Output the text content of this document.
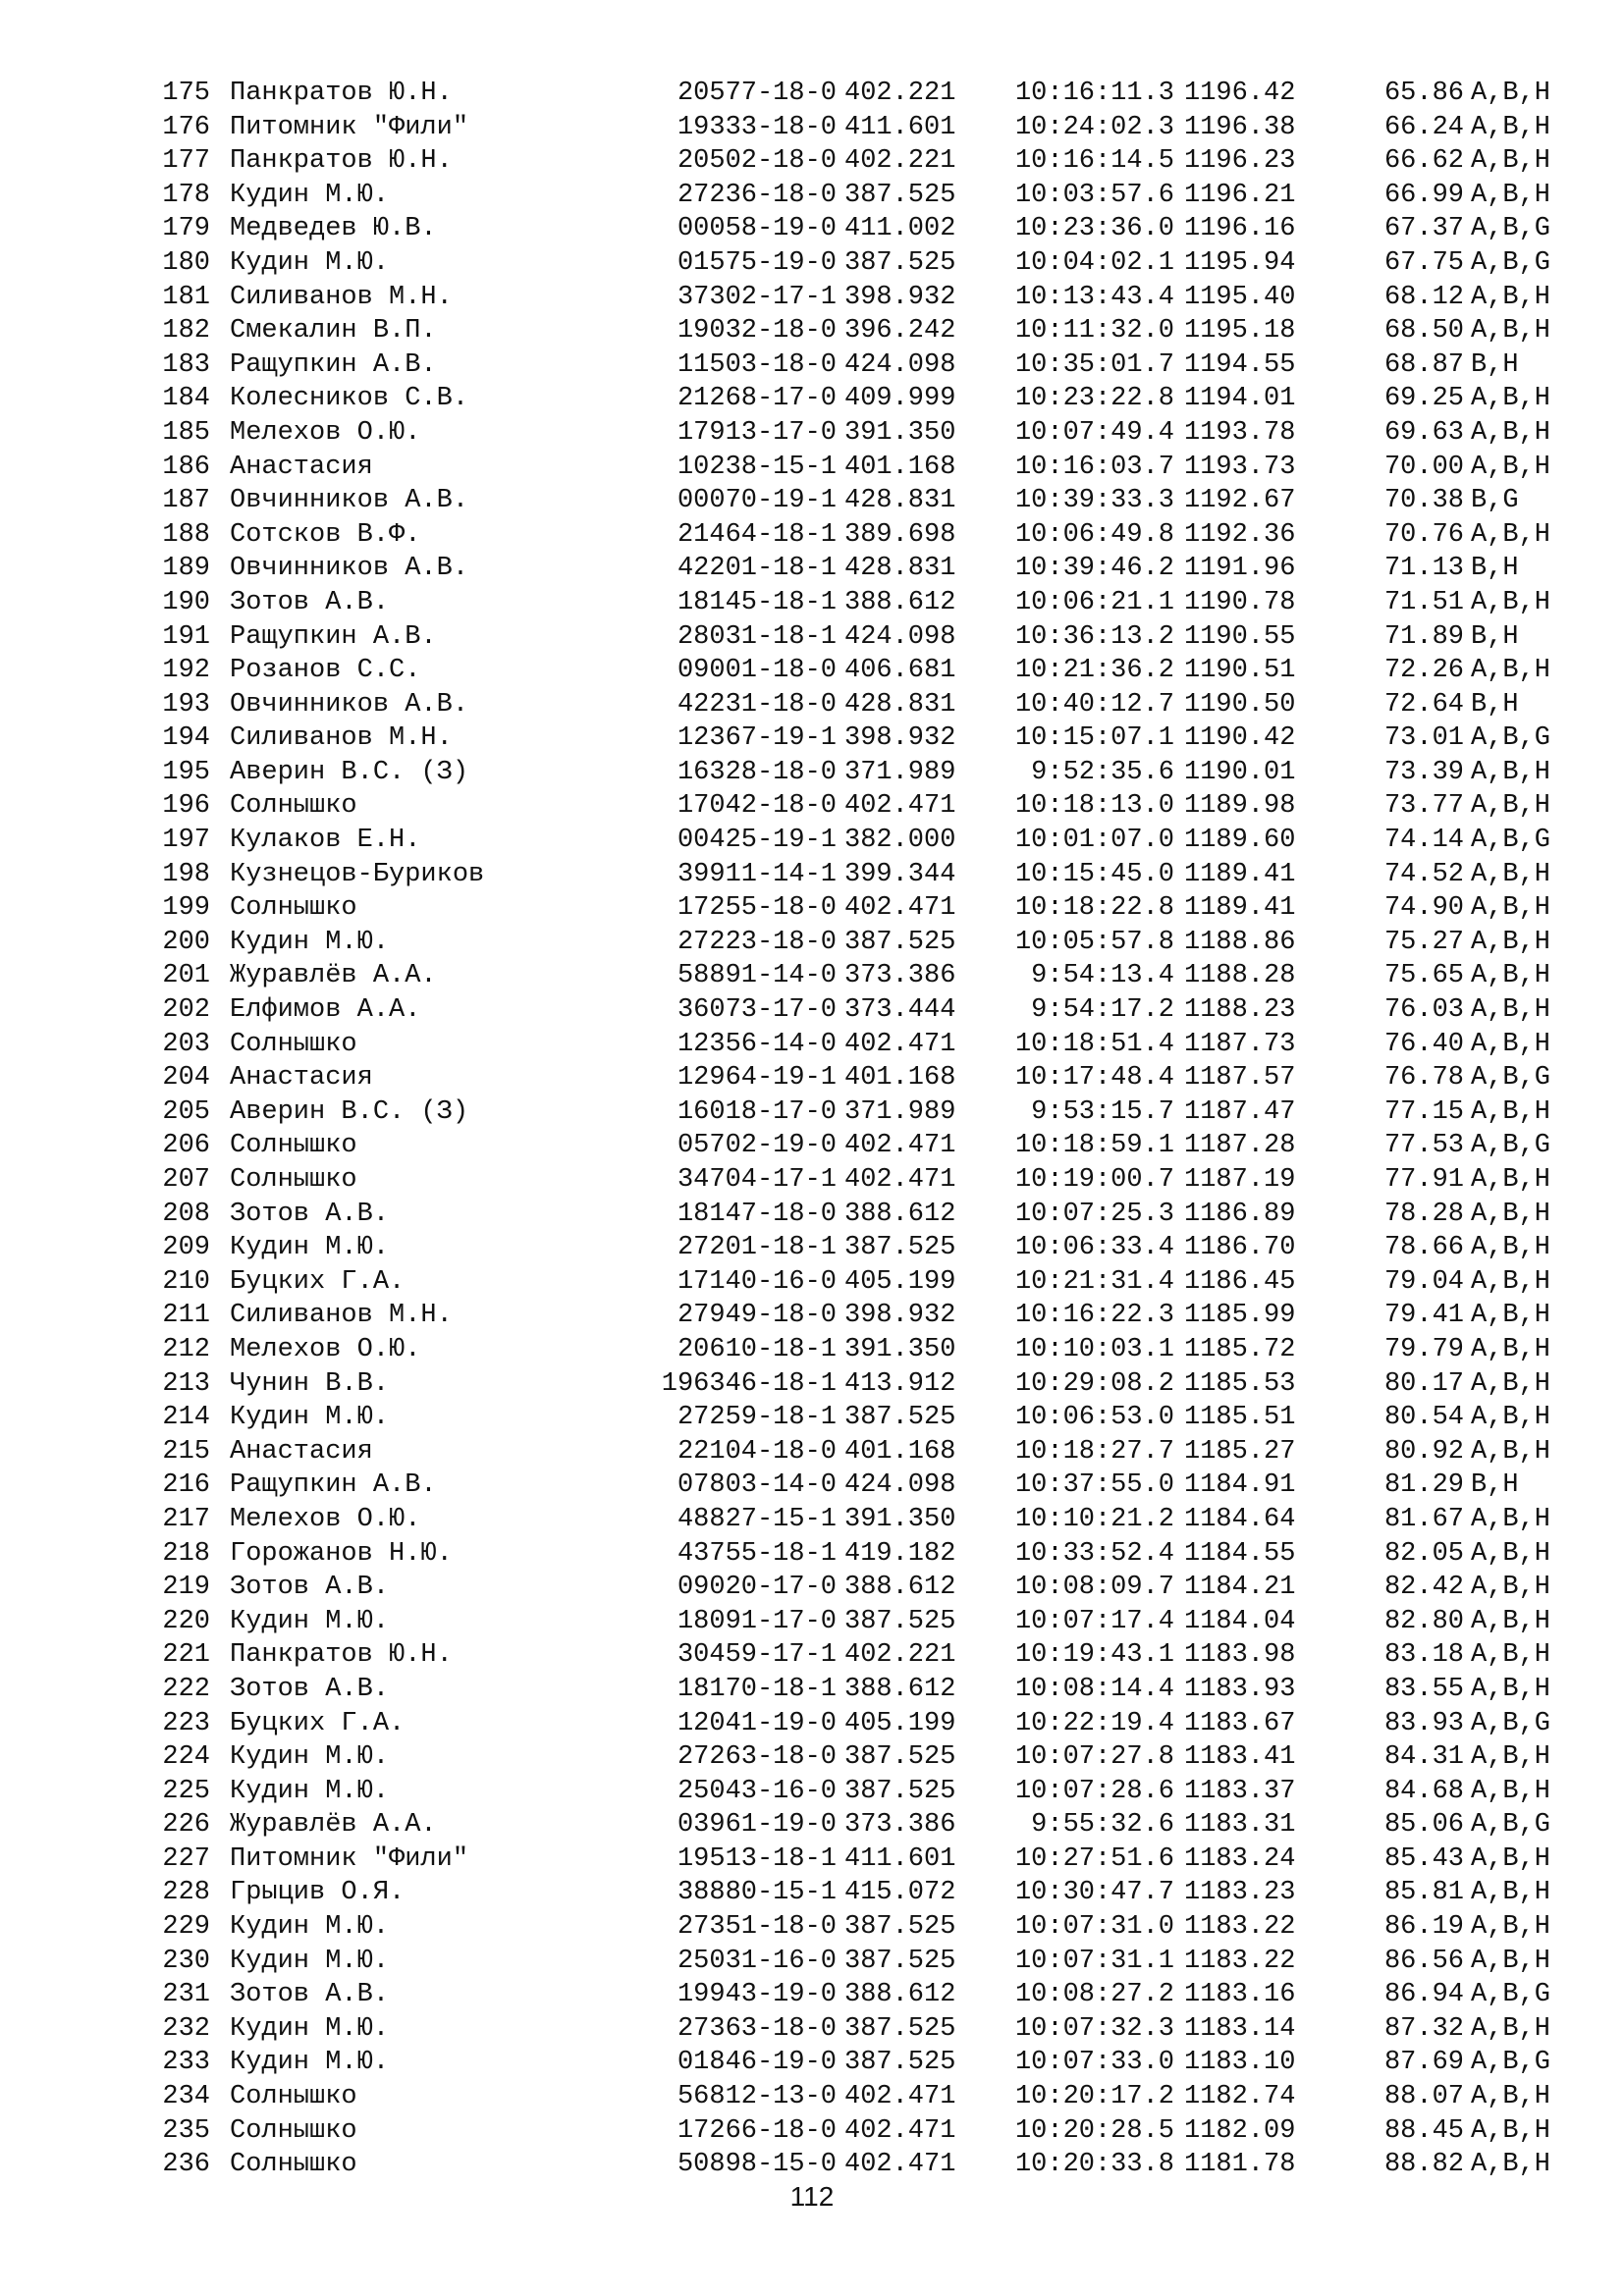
175 Панкратов Ю.Н.	20577-18-0 402.221	10:16:11.3 1196.42	65.86 A,B,H
176 Питомник "Фили"	19333-18-0 411.601	10:24:02.3 1196.38	66.24 A,B,H
177 Панкратов Ю.Н.	20502-18-0 402.221	10:16:14.5 1196.23	66.62 A,B,H
178 Кудин М.Ю.	27236-18-0 387.525	10:03:57.6 1196.21	66.99 A,B,H
179 Медведев Ю.В.	00058-19-0 411.002	10:23:36.0 1196.16	67.37 A,B,G
180 Кудин М.Ю.	01575-19-0 387.525	10:04:02.1 1195.94	67.75 A,B,G
181 Силиванов М.Н.	37302-17-1 398.932	10:13:43.4 1195.40	68.12 A,B,H
182 Смекалин В.П.	19032-18-0 396.242	10:11:32.0 1195.18	68.50 A,B,H
183 Ращупкин А.В.	11503-18-0 424.098	10:35:01.7 1194.55	68.87 B,H
184 Колесников С.В.	21268-17-0 409.999	10:23:22.8 1194.01	69.25 A,B,H
185 Мелехов О.Ю.	17913-17-0 391.350	10:07:49.4 1193.78	69.63 A,B,H
186 Анастасия	10238-15-1 401.168	10:16:03.7 1193.73	70.00 A,B,H
187 Овчинников А.В.	00070-19-1 428.831	10:39:33.3 1192.67	70.38 B,G
188 Сотсков В.Ф.	21464-18-1 389.698	10:06:49.8 1192.36	70.76 A,B,H
189 Овчинников А.В.	42201-18-1 428.831	10:39:46.2 1191.96	71.13 B,H
190 Зотов А.В.	18145-18-1 388.612	10:06:21.1 1190.78	71.51 A,B,H
191 Ращупкин А.В.	28031-18-1 424.098	10:36:13.2 1190.55	71.89 B,H
192 Розанов С.С.	09001-18-0 406.681	10:21:36.2 1190.51	72.26 A,B,H
193 Овчинников А.В.	42231-18-0 428.831	10:40:12.7 1190.50	72.64 B,H
194 Силиванов М.Н.	12367-19-1 398.932	10:15:07.1 1190.42	73.01 A,B,G
195 Аверин В.С. (З)	16328-18-0 371.989	9:52:35.6 1190.01	73.39 A,B,H
196 Солнышко	17042-18-0 402.471	10:18:13.0 1189.98	73.77 A,B,H
197 Кулаков Е.Н.	00425-19-1 382.000	10:01:07.0 1189.60	74.14 A,B,G
198 Кузнецов-Буриков	39911-14-1 399.344	10:15:45.0 1189.41	74.52 A,B,H
199 Солнышко	17255-18-0 402.471	10:18:22.8 1189.41	74.90 A,B,H
200 Кудин М.Ю.	27223-18-0 387.525	10:05:57.8 1188.86	75.27 A,B,H
201 Журавлёв А.А.	58891-14-0 373.386	9:54:13.4 1188.28	75.65 A,B,H
202 Елфимов А.А.	36073-17-0 373.444	9:54:17.2 1188.23	76.03 A,B,H
203 Солнышко	12356-14-0 402.471	10:18:51.4 1187.73	76.40 A,B,H
204 Анастасия	12964-19-1 401.168	10:17:48.4 1187.57	76.78 A,B,G
205 Аверин В.С. (З)	16018-17-0 371.989	9:53:15.7 1187.47	77.15 A,B,H
206 Солнышко	05702-19-0 402.471	10:18:59.1 1187.28	77.53 A,B,G
207 Солнышко	34704-17-1 402.471	10:19:00.7 1187.19	77.91 A,B,H
208 Зотов А.В.	18147-18-0 388.612	10:07:25.3 1186.89	78.28 A,B,H
209 Кудин М.Ю.	27201-18-1 387.525	10:06:33.4 1186.70	78.66 A,B,H
210 Буцких Г.А.	17140-16-0 405.199	10:21:31.4 1186.45	79.04 A,B,H
211 Силиванов М.Н.	27949-18-0 398.932	10:16:22.3 1185.99	79.41 A,B,H
212 Мелехов О.Ю.	20610-18-1 391.350	10:10:03.1 1185.72	79.79 A,B,H
213 Чунин В.В.	196346-18-1 413.912	10:29:08.2 1185.53	80.17 A,B,H
214 Кудин М.Ю.	27259-18-1 387.525	10:06:53.0 1185.51	80.54 A,B,H
215 Анастасия	22104-18-0 401.168	10:18:27.7 1185.27	80.92 A,B,H
216 Ращупкин А.В.	07803-14-0 424.098	10:37:55.0 1184.91	81.29 B,H
217 Мелехов О.Ю.	48827-15-1 391.350	10:10:21.2 1184.64	81.67 A,B,H
218 Горожанов Н.Ю.	43755-18-1 419.182	10:33:52.4 1184.55	82.05 A,B,H
219 Зотов А.В.	09020-17-0 388.612	10:08:09.7 1184.21	82.42 A,B,H
220 Кудин М.Ю.	18091-17-0 387.525	10:07:17.4 1184.04	82.80 A,B,H
221 Панкратов Ю.Н.	30459-17-1 402.221	10:19:43.1 1183.98	83.18 A,B,H
222 Зотов А.В.	18170-18-1 388.612	10:08:14.4 1183.93	83.55 A,B,H
223 Буцких Г.А.	12041-19-0 405.199	10:22:19.4 1183.67	83.93 A,B,G
224 Кудин М.Ю.	27263-18-0 387.525	10:07:27.8 1183.41	84.31 A,B,H
225 Кудин М.Ю.	25043-16-0 387.525	10:07:28.6 1183.37	84.68 A,B,H
226 Журавлёв А.А.	03961-19-0 373.386	9:55:32.6 1183.31	85.06 A,B,G
227 Питомник "Фили"	19513-18-1 411.601	10:27:51.6 1183.24	85.43 A,B,H
228 Грыцив О.Я.	38880-15-1 415.072	10:30:47.7 1183.23	85.81 A,B,H
229 Кудин М.Ю.	27351-18-0 387.525	10:07:31.0 1183.22	86.19 A,B,H
230 Кудин М.Ю.	25031-16-0 387.525	10:07:31.1 1183.22	86.56 A,B,H
231 Зотов А.В.	19943-19-0 388.612	10:08:27.2 1183.16	86.94 A,B,G
232 Кудин М.Ю.	27363-18-0 387.525	10:07:32.3 1183.14	87.32 A,B,H
233 Кудин М.Ю.	01846-19-0 387.525	10:07:33.0 1183.10	87.69 A,B,G
234 Солнышко	56812-13-0 402.471	10:20:17.2 1182.74	88.07 A,B,H
235 Солнышко	17266-18-0 402.471	10:20:28.5 1182.09	88.45 A,B,H
236 Солнышко	50898-15-0 402.471	10:20:33.8 1181.78	88.82 A,B,H
112
